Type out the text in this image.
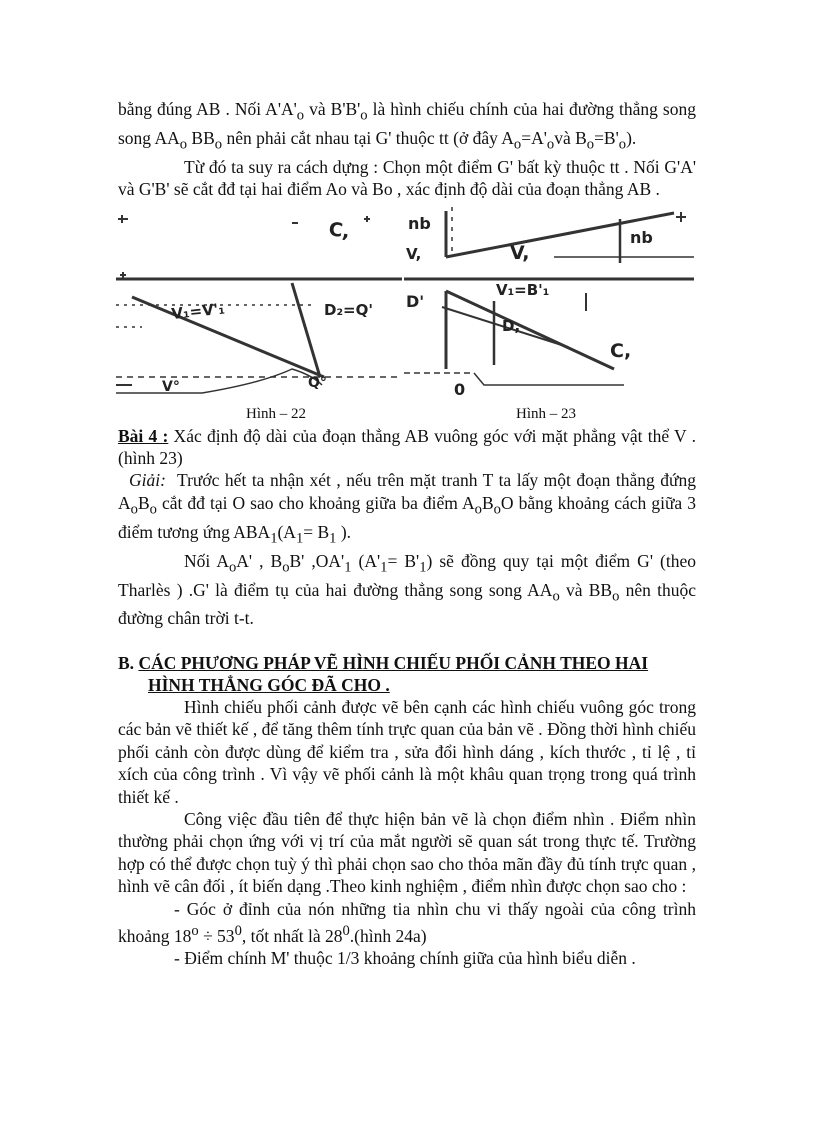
bằng đúng AB . Nối $A'A'_o$ và $B'B'_o$ là hình chiếu chính của hai đường thẳng song song $AA_o$ $BB_o$ nên phải cắt nhau tại G' thuộc tt (ở đây $A_o=A'_ovà$ $B_o=B'_o$).

Từ đó ta suy ra cách dựng : Chọn một điểm G' bất kỳ thuộc tt . Nối G'A' và G'B' sẽ cắt đđ tại hai điểm Ao và Bo , xác định độ dài của đoạn thẳng AB .

C,
V₁=V'₁	D₂=Q'
V°	Q°
nb
V,	V,
nb
V₁=B'₁
D'
D,
C,
0
Hình – 22	Hình – 23

Bài 4 : Xác định độ dài của đoạn thẳng AB vuông góc với mặt phẳng vật thể V .(hình 23)

Giải:  Trước hết ta nhận xét , nếu trên mặt tranh T ta lấy một đoạn thẳng đứng $A_oB_o$ cắt đđ tại O sao cho khoảng giữa ba điểm $A_oB_oO$ bằng khoảng cách giữa 3 điểm tương ứng $ABA_1(A_1= B_1$ ).

Nối $A_oA'$ , $B_oB'$ $,OA'_1$ $(A'_1= B'_1)$ sẽ đồng quy tại một điểm G' (theo Tharlès ) .G' là điểm tụ của hai đường thẳng song song $AA_o$ và $BB_o$ nên thuộc đường chân trời t-t.

B. CÁC PHƯƠNG PHÁP VẼ HÌNH CHIẾU PHỐI CẢNH THEO HAI
HÌNH THẲNG GÓC ĐÃ CHO .

Hình chiếu phối cảnh được vẽ bên cạnh các hình chiếu vuông góc trong các bản vẽ thiết kế , để tăng thêm tính trực quan của bản vẽ . Đồng thời hình chiếu phối cảnh còn được dùng để kiểm tra , sửa đổi hình dáng , kích thước , tỉ lệ , tỉ xích của công trình . Vì vậy vẽ phối cảnh là một khâu quan trọng trong quá trình thiết kế .

Công việc đầu tiên để thực hiện bản vẽ là chọn điểm nhìn . Điểm nhìn thường phải chọn ứng với vị trí của mắt người sẽ quan sát trong thực tế. Trường hợp có thể được chọn tuỳ ý thì phải chọn sao cho thỏa mãn đầy đủ tính trực quan , hình vẽ cân đối , ít biến dạng .Theo kinh nghiệm , điểm nhìn được chọn sao cho :

- Góc ở đỉnh của nón những tia nhìn chu vi thấy ngoài của công trình khoảng $18^o \div 53^0$, tốt nhất là $28^0.(hình$ 24a)

- Điểm chính M' thuộc 1/3 khoảng chính giữa của hình biểu diễn .
